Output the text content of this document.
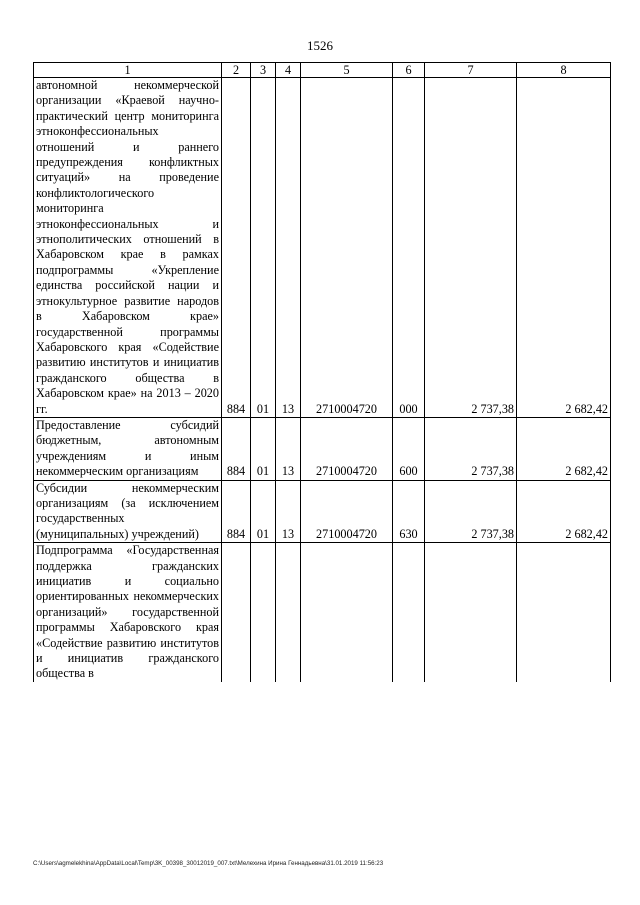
1526
1	2	3	4	5	6	7	8
автономной некоммерческой организации «Краевой научно-практический центр мониторинга этноконфессиональных отношений и раннего предупреждения конфликтных ситуаций» на проведение конфликтологического мониторинга этноконфессиональных и этнополитических отношений в Хабаровском крае в рамках подпрограммы «Укрепление единства российской нации и этнокультурное развитие народов в Хабаровском крае» государственной программы Хабаровского края «Содействие развитию институтов и инициатив гражданского общества в Хабаровском крае» на 2013 – 2020 гг.	884	01	13	2710004720	000	2 737,38	2 682,42
Предоставление субсидий бюджетным, автономным учреждениям и иным некоммерческим организациям	884	01	13	2710004720	600	2 737,38	2 682,42
Субсидии некоммерческим организациям (за исключением государственных (муниципальных) учреждений)	884	01	13	2710004720	630	2 737,38	2 682,42
Подпрограмма «Государственная поддержка гражданских инициатив и социально ориентированных некоммерческих организаций» государственной программы Хабаровского края «Содействие развитию институтов и инициатив гражданского общества в							
C:\Users\agmelekhina\AppData\Local\Temp\3K_00398_30012019_007.txt\Мелехина Ирина Геннадьевна\31.01.2019 11:56:23
